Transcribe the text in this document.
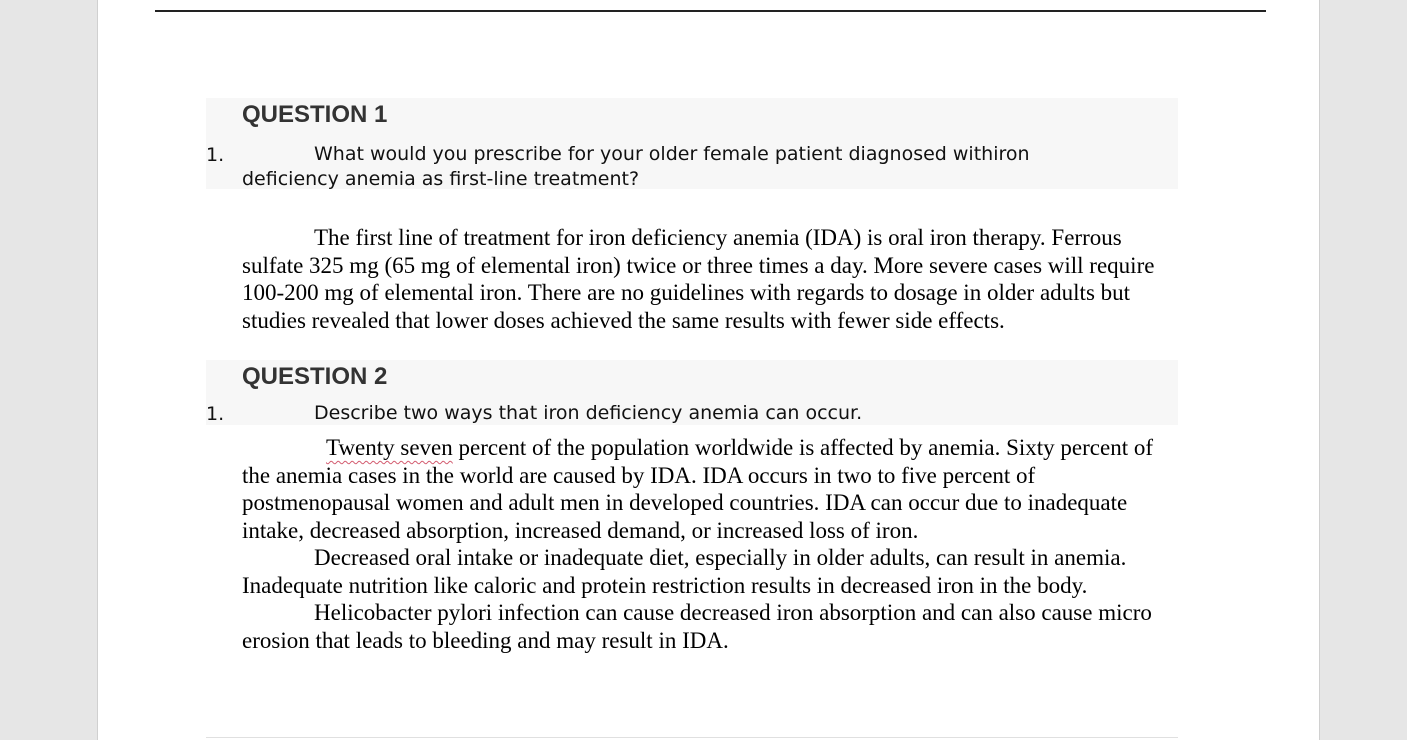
QUESTION 1
1.	What would you prescribe for your older female patient diagnosed withiron deficiency anemia as first-line treatment?

The first line of treatment for iron deficiency anemia (IDA) is oral iron therapy. Ferrous sulfate 325 mg (65 mg of elemental iron) twice or three times a day. More severe cases will require 100-200 mg of elemental iron. There are no guidelines with regards to dosage in older adults but studies revealed that lower doses achieved the same results with fewer side effects.

QUESTION 2
1.	Describe two ways that iron deficiency anemia can occur.

Twenty seven percent of the population worldwide is affected by anemia. Sixty percent of the anemia cases in the world are caused by IDA. IDA occurs in two to five percent of postmenopausal women and adult men in developed countries. IDA can occur due to inadequate intake, decreased absorption, increased demand, or increased loss of iron.

Decreased oral intake or inadequate diet, especially in older adults, can result in anemia. Inadequate nutrition like caloric and protein restriction results in decreased iron in the body.

Helicobacter pylori infection can cause decreased iron absorption and can also cause micro erosion that leads to bleeding and may result in IDA.
